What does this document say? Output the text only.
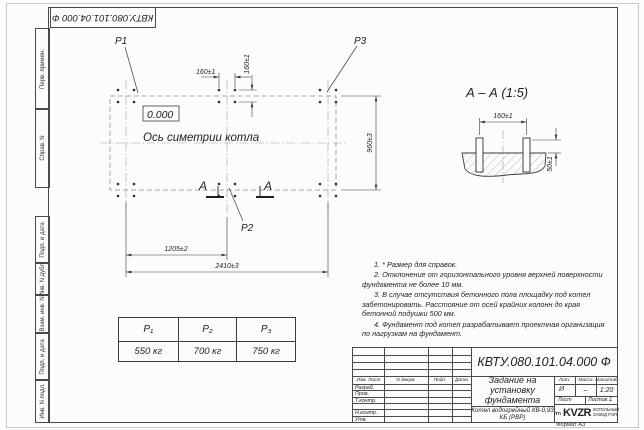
КВТУ.080.101.04.000 Ф
Перв. примен.
Справ. N
Подп. и дата
Инв. N дубл.
Взам. инв. N
Подп. и дата
Инв. N подл.
P1	P3
P2
160±1	160±1
960±3
1205±2
2410±3
А	А
0.000
Ось симетрии котла
А – А (1:5)
160±1
50±1

1. * Размер для справок.

2. Отклонение от горизонтального уровня верхней поверхности фундамента не более 10 мм.

3. В случае отсутствия бетонного пола площадку под котел забетонировать. Расстояние от осей крайних колонн до края бетонной подушки 500 мм.

4. Фундамент под котел разрабатывает проектная организация по нагрузкам на фундамент.

P₁	P₂	P₃
550 кг	700 кг	750 кг
Изм. Лист	N докум.	Подп.	Дата
Разраб.
Пров.
Т.контр.
Н.контр.
Утв.
КВТУ.080.101.04.000 Ф
Задание на установку фундамента
Котел водогрейный КВ-0,93 КБ (РВР)
Лит.	Масса Масштаб
И	–	1:20
Лист	Листов 1
KVZR КОТЕЛЬНЫЙ ЗАВОД РЭП
Формат А3
